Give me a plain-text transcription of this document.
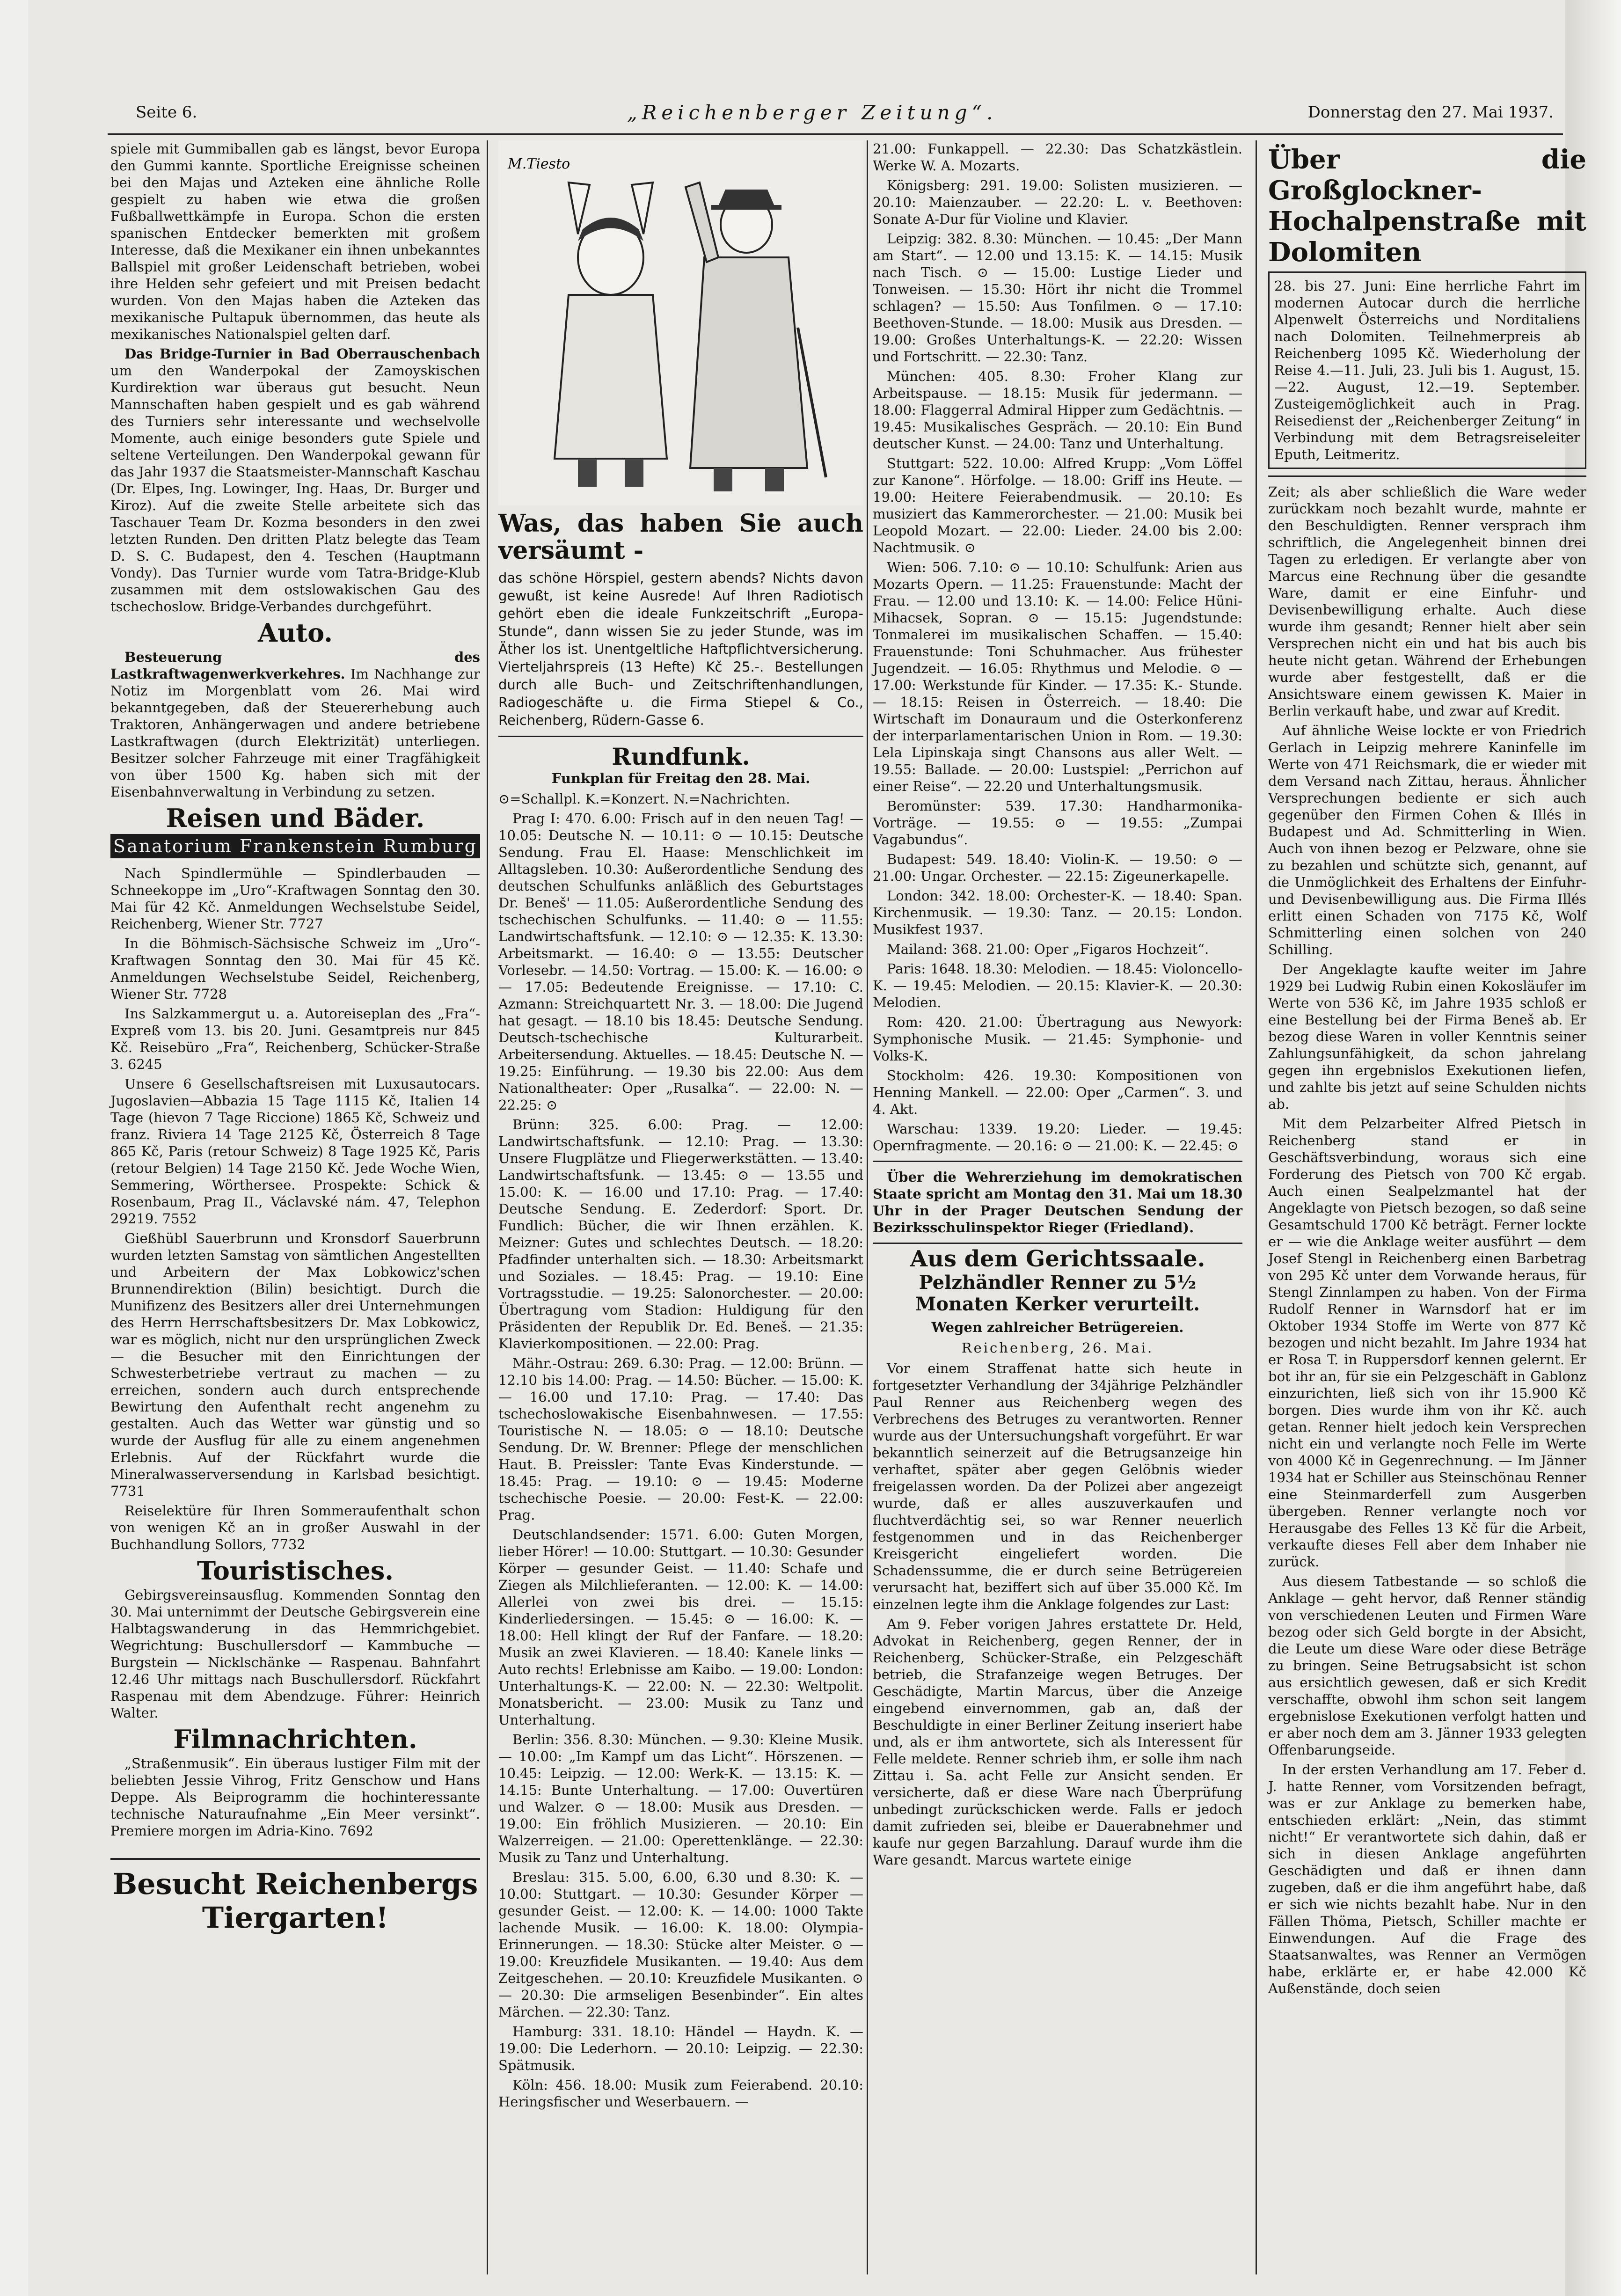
Seite 6.	„Reichenberger Zeitung“.	Donnerstag den 27. Mai 1937.

spiele mit Gummiballen gab es längst, bevor Europa den Gummi kannte. Sportliche Ereignisse scheinen bei den Majas und Azteken eine ähnliche Rolle gespielt zu haben wie etwa die großen Fußballwettkämpfe in Europa. Schon die ersten spanischen Entdecker bemerkten mit großem Interesse, daß die Mexikaner ein ihnen unbekanntes Ballspiel mit großer Leidenschaft betrieben, wobei ihre Helden sehr gefeiert und mit Preisen bedacht wurden. Von den Majas haben die Azteken das mexikanische Pultapuk übernommen, das heute als mexikanisches Nationalspiel gelten darf.

Das Bridge-Turnier in Bad Oberrauschenbach um den Wanderpokal der Zamoyskischen Kurdirektion war überaus gut besucht. Neun Mannschaften haben gespielt und es gab während des Turniers sehr interessante und wechselvolle Momente, auch einige besonders gute Spiele und seltene Verteilungen. Den Wanderpokal gewann für das Jahr 1937 die Staatsmeister-Mannschaft Kaschau (Dr. Elpes, Ing. Lowinger, Ing. Haas, Dr. Burger und Kiroz). Auf die zweite Stelle arbeitete sich das Taschauer Team Dr. Kozma besonders in den zwei letzten Runden. Den dritten Platz belegte das Team D. S. C. Budapest, den 4. Teschen (Hauptmann Vondy). Das Turnier wurde vom Tatra-Bridge-Klub zusammen mit dem ostslowakischen Gau des tschechoslow. Bridge-Verbandes durchgeführt.

Auto.

Besteuerung des Lastkraftwagenwerkverkehres. Im Nachhange zur Notiz im Morgenblatt vom 26. Mai wird bekanntgegeben, daß der Steuererhebung auch Traktoren, Anhängerwagen und andere betriebene Lastkraftwagen (durch Elektrizität) unterliegen. Besitzer solcher Fahrzeuge mit einer Tragfähigkeit von über 1500 Kg. haben sich mit der Eisenbahnverwaltung in Verbindung zu setzen.

Reisen und Bäder.
Sanatorium Frankenstein Rumburg

Nach Spindlermühle — Spindlerbauden — Schneekoppe im „Uro“-Kraftwagen Sonntag den 30. Mai für 42 Kč. Anmeldungen Wechselstube Seidel, Reichenberg, Wiener Str. 7727

In die Böhmisch-Sächsische Schweiz im „Uro“-Kraftwagen Sonntag den 30. Mai für 45 Kč. Anmeldungen Wechselstube Seidel, Reichenberg, Wiener Str. 7728

Ins Salzkammergut u. a. Autoreiseplan des „Fra“-Expreß vom 13. bis 20. Juni. Gesamtpreis nur 845 Kč. Reisebüro „Fra“, Reichenberg, Schücker-Straße 3. 6245

Unsere 6 Gesellschaftsreisen mit Luxusautocars. Jugoslavien—Abbazia 15 Tage 1115 Kč, Italien 14 Tage (hievon 7 Tage Riccione) 1865 Kč, Schweiz und franz. Riviera 14 Tage 2125 Kč, Österreich 8 Tage 865 Kč, Paris (retour Schweiz) 8 Tage 1925 Kč, Paris (retour Belgien) 14 Tage 2150 Kč. Jede Woche Wien, Semmering, Wörthersee. Prospekte: Schick & Rosenbaum, Prag II., Václavské nám. 47, Telephon 29219. 7552

Gießhübl Sauerbrunn und Kronsdorf Sauerbrunn wurden letzten Samstag von sämtlichen Angestellten und Arbeitern der Max Lobkowicz'schen Brunnendirektion (Bilin) besichtigt. Durch die Munifizenz des Besitzers aller drei Unternehmungen des Herrn Herrschaftsbesitzers Dr. Max Lobkowicz, war es möglich, nicht nur den ursprünglichen Zweck — die Besucher mit den Einrichtungen der Schwesterbetriebe vertraut zu machen — zu erreichen, sondern auch durch entsprechende Bewirtung den Aufenthalt recht angenehm zu gestalten. Auch das Wetter war günstig und so wurde der Ausflug für alle zu einem angenehmen Erlebnis. Auf der Rückfahrt wurde die Mineralwasserversendung in Karlsbad besichtigt. 7731

Reiselektüre für Ihren Sommeraufenthalt schon von wenigen Kč an in großer Auswahl in der Buchhandlung Sollors, 7732

Touristisches.

Gebirgsvereinsausflug. Kommenden Sonntag den 30. Mai unternimmt der Deutsche Gebirgsverein eine Halbtagswanderung in das Hemmrichgebiet. Wegrichtung: Buschullersdorf — Kammbuche — Burgstein — Nicklschänke — Raspenau. Bahnfahrt 12.46 Uhr mittags nach Buschullersdorf. Rückfahrt Raspenau mit dem Abendzuge. Führer: Heinrich Walter.

Filmnachrichten.

„Straßenmusik“. Ein überaus lustiger Film mit der beliebten Jessie Vihrog, Fritz Genschow und Hans Deppe. Als Beiprogramm die hochinteressante technische Naturaufnahme „Ein Meer versinkt“. Premiere morgen im Adria-Kino. 7692

Besucht Reichenbergs Tiergarten!
M.Tiesto
Was, das haben Sie auch versäumt -
das schöne Hörspiel, gestern abends? Nichts davon gewußt, ist keine Ausrede! Auf Ihren Radiotisch gehört eben die ideale Funkzeitschrift „Europa-Stunde“, dann wissen Sie zu jeder Stunde, was im Äther los ist. Unentgeltliche Haftpflichtversicherung. Vierteljahrspreis (13 Hefte) Kč 25.-. Bestellungen durch alle Buch- und Zeitschriftenhandlungen, Radiogeschäfte u. die Firma Stiepel & Co., Reichenberg, Rüdern-Gasse 6.
Rundfunk.
Funkplan für Freitag den 28. Mai.

⊙=Schallpl. K.=Konzert. N.=Nachrichten.

Prag I: 470. 6.00: Frisch auf in den neuen Tag! — 10.05: Deutsche N. — 10.11: ⊙ — 10.15: Deutsche Sendung. Frau El. Haase: Menschlichkeit im Alltagsleben. 10.30: Außerordentliche Sendung des deutschen Schulfunks anläßlich des Geburtstages Dr. Beneš' — 11.05: Außerordentliche Sendung des tschechischen Schulfunks. — 11.40: ⊙ — 11.55: Landwirtschaftsfunk. — 12.10: ⊙ — 12.35: K. 13.30: Arbeitsmarkt. — 16.40: ⊙ — 13.55: Deutscher Vorlesebr. — 14.50: Vortrag. — 15.00: K. — 16.00: ⊙ — 17.05: Bedeutende Ereignisse. — 17.10: C. Azmann: Streichquartett Nr. 3. — 18.00: Die Jugend hat gesagt. — 18.10 bis 18.45: Deutsche Sendung. Deutsch-tschechische Kulturarbeit. Arbeitersendung. Aktuelles. — 18.45: Deutsche N. — 19.25: Einführung. — 19.30 bis 22.00: Aus dem Nationaltheater: Oper „Rusalka“. — 22.00: N. — 22.25: ⊙

Brünn: 325. 6.00: Prag. — 12.00: Landwirtschaftsfunk. — 12.10: Prag. — 13.30: Unsere Flugplätze und Fliegerwerkstätten. — 13.40: Landwirtschaftsfunk. — 13.45: ⊙ — 13.55 und 15.00: K. — 16.00 und 17.10: Prag. — 17.40: Deutsche Sendung. E. Zederdorf: Sport. Dr. Fundlich: Bücher, die wir Ihnen erzählen. K. Meizner: Gutes und schlechtes Deutsch. — 18.20: Pfadfinder unterhalten sich. — 18.30: Arbeitsmarkt und Soziales. — 18.45: Prag. — 19.10: Eine Vortragsstudie. — 19.25: Salonorchester. — 20.00: Übertragung vom Stadion: Huldigung für den Präsidenten der Republik Dr. Ed. Beneš. — 21.35: Klavierkompositionen. — 22.00: Prag.

Mähr.-Ostrau: 269. 6.30: Prag. — 12.00: Brünn. — 12.10 bis 14.00: Prag. — 14.50: Bücher. — 15.00: K. — 16.00 und 17.10: Prag. — 17.40: Das tschechoslowakische Eisenbahnwesen. — 17.55: Touristische N. — 18.05: ⊙ — 18.10: Deutsche Sendung. Dr. W. Brenner: Pflege der menschlichen Haut. B. Preissler: Tante Evas Kinderstunde. — 18.45: Prag. — 19.10: ⊙ — 19.45: Moderne tschechische Poesie. — 20.00: Fest-K. — 22.00: Prag.

Deutschlandsender: 1571. 6.00: Guten Morgen, lieber Hörer! — 10.00: Stuttgart. — 10.30: Gesunder Körper — gesunder Geist. — 11.40: Schafe und Ziegen als Milchlieferanten. — 12.00: K. — 14.00: Allerlei von zwei bis drei. — 15.15: Kinderliedersingen. — 15.45: ⊙ — 16.00: K. — 18.00: Hell klingt der Ruf der Fanfare. — 18.20: Musik an zwei Klavieren. — 18.40: Kanele links — Auto rechts! Erlebnisse am Kaibo. — 19.00: London: Unterhaltungs-K. — 22.00: N. — 22.30: Weltpolit. Monatsbericht. — 23.00: Musik zu Tanz und Unterhaltung.

Berlin: 356. 8.30: München. — 9.30: Kleine Musik. — 10.00: „Im Kampf um das Licht“. Hörszenen. — 10.45: Leipzig. — 12.00: Werk-K. — 13.15: K. — 14.15: Bunte Unterhaltung. — 17.00: Ouvertüren und Walzer. ⊙ — 18.00: Musik aus Dresden. — 19.00: Ein fröhlich Musizieren. — 20.10: Ein Walzerreigen. — 21.00: Operettenklänge. — 22.30: Musik zu Tanz und Unterhaltung.

Breslau: 315. 5.00, 6.00, 6.30 und 8.30: K. — 10.00: Stuttgart. — 10.30: Gesunder Körper — gesunder Geist. — 12.00: K. — 14.00: 1000 Takte lachende Musik. — 16.00: K. 18.00: Olympia-Erinnerungen. — 18.30: Stücke alter Meister. ⊙ — 19.00: Kreuzfidele Musikanten. — 19.40: Aus dem Zeitgeschehen. — 20.10: Kreuzfidele Musikanten. ⊙ — 20.30: Die armseligen Besenbinder“. Ein altes Märchen. — 22.30: Tanz.

Hamburg: 331. 18.10: Händel — Haydn. K. — 19.00: Die Lederhorn. — 20.10: Leipzig. — 22.30: Spätmusik.

Köln: 456. 18.00: Musik zum Feierabend. 20.10: Heringsfischer und Weserbauern. —

21.00: Funkappell. — 22.30: Das Schatzkästlein. Werke W. A. Mozarts.

Königsberg: 291. 19.00: Solisten musizieren. — 20.10: Maienzauber. — 22.20: L. v. Beethoven: Sonate A-Dur für Violine und Klavier.

Leipzig: 382. 8.30: München. — 10.45: „Der Mann am Start“. — 12.00 und 13.15: K. — 14.15: Musik nach Tisch. ⊙ — 15.00: Lustige Lieder und Tonweisen. — 15.30: Hört ihr nicht die Trommel schlagen? — 15.50: Aus Tonfilmen. ⊙ — 17.10: Beethoven-Stunde. — 18.00: Musik aus Dresden. — 19.00: Großes Unterhaltungs-K. — 22.20: Wissen und Fortschritt. — 22.30: Tanz.

München: 405. 8.30: Froher Klang zur Arbeitspause. — 18.15: Musik für jedermann. — 18.00: Flaggerral Admiral Hipper zum Gedächtnis. — 19.45: Musikalisches Gespräch. — 20.10: Ein Bund deutscher Kunst. — 24.00: Tanz und Unterhaltung.

Stuttgart: 522. 10.00: Alfred Krupp: „Vom Löffel zur Kanone“. Hörfolge. — 18.00: Griff ins Heute. — 19.00: Heitere Feierabendmusik. — 20.10: Es musiziert das Kammerorchester. — 21.00: Musik bei Leopold Mozart. — 22.00: Lieder. 24.00 bis 2.00: Nachtmusik. ⊙

Wien: 506. 7.10: ⊙ — 10.10: Schulfunk: Arien aus Mozarts Opern. — 11.25: Frauenstunde: Macht der Frau. — 12.00 und 13.10: K. — 14.00: Felice Hüni-Mihacsek, Sopran. ⊙ — 15.15: Jugendstunde: Tonmalerei im musikalischen Schaffen. — 15.40: Frauenstunde: Toni Schuhmacher. Aus frühester Jugendzeit. — 16.05: Rhythmus und Melodie. ⊙ — 17.00: Werkstunde für Kinder. — 17.35: K.- Stunde. — 18.15: Reisen in Österreich. — 18.40: Die Wirtschaft im Donauraum und die Osterkonferenz der interparlamentarischen Union in Rom. — 19.30: Lela Lipinskaja singt Chansons aus aller Welt. — 19.55: Ballade. — 20.00: Lustspiel: „Perrichon auf einer Reise“. — 22.20 und Unterhaltungsmusik.

Beromünster: 539. 17.30: Handharmonika-Vorträge. — 19.55: ⊙ — 19.55: „Zumpai Vagabundus“.

Budapest: 549. 18.40: Violin-K. — 19.50: ⊙ — 21.00: Ungar. Orchester. — 22.15: Zigeunerkapelle.

London: 342. 18.00: Orchester-K. — 18.40: Span. Kirchenmusik. — 19.30: Tanz. — 20.15: London. Musikfest 1937.

Mailand: 368. 21.00: Oper „Figaros Hochzeit“.

Paris: 1648. 18.30: Melodien. — 18.45: Violoncello-K. — 19.45: Melodien. — 20.15: Klavier-K. — 20.30: Melodien.

Rom: 420. 21.00: Übertragung aus Newyork: Symphonische Musik. — 21.45: Symphonie- und Volks-K.

Stockholm: 426. 19.30: Kompositionen von Henning Mankell. — 22.00: Oper „Carmen“. 3. und 4. Akt.

Warschau: 1339. 19.20: Lieder. — 19.45: Opernfragmente. — 20.16: ⊙ — 21.00: K. — 22.45: ⊙

Über die Wehrerziehung im demokratischen Staate spricht am Montag den 31. Mai um 18.30 Uhr in der Prager Deutschen Sendung der Bezirksschulinspektor Rieger (Friedland).

Aus dem Gerichtssaale.
Pelzhändler Renner zu 5½ Monaten Kerker verurteilt.
Wegen zahlreicher Betrügereien.
Reichenberg, 26. Mai.

Vor einem Straffenat hatte sich heute in fortgesetzter Verhandlung der 34jährige Pelzhändler Paul Renner aus Reichenberg wegen des Verbrechens des Betruges zu verantworten. Renner wurde aus der Untersuchungshaft vorgeführt. Er war bekanntlich seinerzeit auf die Betrugsanzeige hin verhaftet, später aber gegen Gelöbnis wieder freigelassen worden. Da der Polizei aber angezeigt wurde, daß er alles auszuverkaufen und fluchtverdächtig sei, so war Renner neuerlich festgenommen und in das Reichenberger Kreisgericht eingeliefert worden. Die Schadenssumme, die er durch seine Betrügereien verursacht hat, beziffert sich auf über 35.000 Kč. Im einzelnen legte ihm die Anklage folgendes zur Last:

Am 9. Feber vorigen Jahres erstattete Dr. Held, Advokat in Reichenberg, gegen Renner, der in Reichenberg, Schücker-Straße, ein Pelzgeschäft betrieb, die Strafanzeige wegen Betruges. Der Geschädigte, Martin Marcus, über die Anzeige eingebend einvernommen, gab an, daß der Beschuldigte in einer Berliner Zeitung inseriert habe und, als er ihm antwortete, sich als Interessent für Felle meldete. Renner schrieb ihm, er solle ihm nach Zittau i. Sa. acht Felle zur Ansicht senden. Er versicherte, daß er diese Ware nach Überprüfung unbedingt zurückschicken werde. Falls er jedoch damit zufrieden sei, bleibe er Dauerabnehmer und kaufe nur gegen Barzahlung. Darauf wurde ihm die Ware gesandt. Marcus wartete einige

Über die Großglockner-Hochalpenstraße mit Dolomiten

28. bis 27. Juni: Eine herrliche Fahrt im modernen Autocar durch die herrliche Alpenwelt Österreichs und Norditaliens nach Dolomiten. Teilnehmerpreis ab Reichenberg 1095 Kč. Wiederholung der Reise 4.—11. Juli, 23. Juli bis 1. August, 15.—22. August, 12.—19. September. Zusteigemöglichkeit auch in Prag. Reisedienst der „Reichenberger Zeitung“ in Verbindung mit dem Betragsreiseleiter Eputh, Leitmeritz.

Zeit; als aber schließlich die Ware weder zurückkam noch bezahlt wurde, mahnte er den Beschuldigten. Renner versprach ihm schriftlich, die Angelegenheit binnen drei Tagen zu erledigen. Er verlangte aber von Marcus eine Rechnung über die gesandte Ware, damit er eine Einfuhr- und Devisenbewilligung erhalte. Auch diese wurde ihm gesandt; Renner hielt aber sein Versprechen nicht ein und hat bis auch bis heute nicht getan. Während der Erhebungen wurde aber festgestellt, daß er die Ansichtsware einem gewissen K. Maier in Berlin verkauft habe, und zwar auf Kredit.

Auf ähnliche Weise lockte er von Friedrich Gerlach in Leipzig mehrere Kaninfelle im Werte von 471 Reichsmark, die er wieder mit dem Versand nach Zittau, heraus. Ähnlicher Versprechungen bediente er sich auch gegenüber den Firmen Cohen & Illés in Budapest und Ad. Schmitterling in Wien. Auch von ihnen bezog er Pelzware, ohne sie zu bezahlen und schützte sich, genannt, auf die Unmöglichkeit des Erhaltens der Einfuhr- und Devisenbewilligung aus. Die Firma Illés erlitt einen Schaden von 7175 Kč, Wolf Schmitterling einen solchen von 240 Schilling.

Der Angeklagte kaufte weiter im Jahre 1929 bei Ludwig Rubin einen Kokosläufer im Werte von 536 Kč, im Jahre 1935 schloß er eine Bestellung bei der Firma Beneš ab. Er bezog diese Waren in voller Kenntnis seiner Zahlungsunfähigkeit, da schon jahrelang gegen ihn ergebnislos Exekutionen liefen, und zahlte bis jetzt auf seine Schulden nichts ab.

Mit dem Pelzarbeiter Alfred Pietsch in Reichenberg stand er in Geschäftsverbindung, woraus sich eine Forderung des Pietsch von 700 Kč ergab. Auch einen Sealpelzmantel hat der Angeklagte von Pietsch bezogen, so daß seine Gesamtschuld 1700 Kč beträgt. Ferner lockte er — wie die Anklage weiter ausführt — dem Josef Stengl in Reichenberg einen Barbetrag von 295 Kč unter dem Vorwande heraus, für Stengl Zinnlampen zu haben. Von der Firma Rudolf Renner in Warnsdorf hat er im Oktober 1934 Stoffe im Werte von 877 Kč bezogen und nicht bezahlt. Im Jahre 1934 hat er Rosa T. in Ruppersdorf kennen gelernt. Er bot ihr an, für sie ein Pelzgeschäft in Gablonz einzurichten, ließ sich von ihr 15.900 Kč borgen. Dies wurde ihm von ihr Kč. auch getan. Renner hielt jedoch kein Versprechen nicht ein und verlangte noch Felle im Werte von 4000 Kč in Gegenrechnung. — Im Jänner 1934 hat er Schiller aus Steinschönau Renner eine Steinmarderfell zum Ausgerben übergeben. Renner verlangte noch vor Herausgabe des Felles 13 Kč für die Arbeit, verkaufte dieses Fell aber dem Inhaber nie zurück.

Aus diesem Tatbestande — so schloß die Anklage — geht hervor, daß Renner ständig von verschiedenen Leuten und Firmen Ware bezog oder sich Geld borgte in der Absicht, die Leute um diese Ware oder diese Beträge zu bringen. Seine Betrugsabsicht ist schon aus ersichtlich gewesen, daß er sich Kredit verschaffte, obwohl ihm schon seit langem ergebnislose Exekutionen verfolgt hatten und er aber noch dem am 3. Jänner 1933 gelegten Offenbarungseide.

In der ersten Verhandlung am 17. Feber d. J. hatte Renner, vom Vorsitzenden befragt, was er zur Anklage zu bemerken habe, entschieden erklärt: „Nein, das stimmt nicht!“ Er verantwortete sich dahin, daß er sich in diesen Anklage angeführten Geschädigten und daß er ihnen dann zugeben, daß er die ihm angeführt habe, daß er sich wie nichts bezahlt habe. Nur in den Fällen Thöma, Pietsch, Schiller machte er Einwendungen. Auf die Frage des Staatsanwaltes, was Renner an Vermögen habe, erklärte er, er habe 42.000 Kč Außenstände, doch seien
